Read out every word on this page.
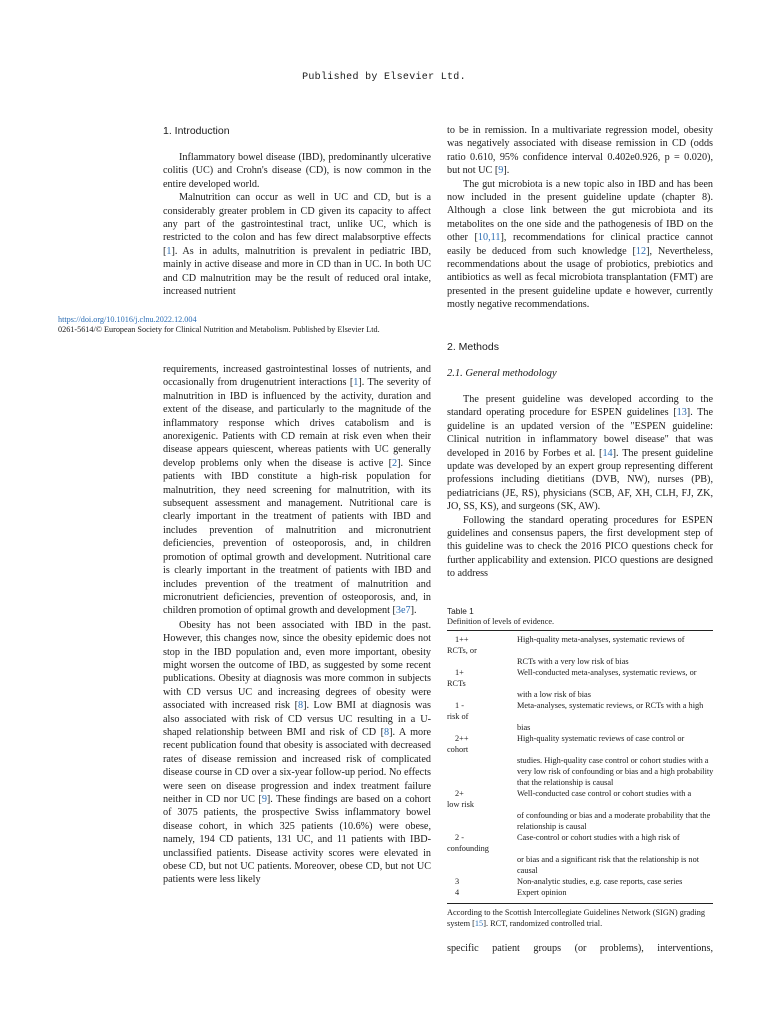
Published by Elsevier Ltd.
1. Introduction

Inflammatory bowel disease (IBD), predominantly ulcerative colitis (UC) and Crohn's disease (CD), is now common in the entire developed world.

Malnutrition can occur as well in UC and CD, but is a considerably greater problem in CD given its capacity to affect any part of the gastrointestinal tract, unlike UC, which is restricted to the colon and has few direct malabsorptive effects [1]. As in adults, malnutrition is prevalent in pediatric IBD, mainly in active disease and more in CD than in UC. In both UC and CD malnutrition may be the result of reduced oral intake, increased nutrient

https://doi.org/10.1016/j.clnu.2022.12.004
0261-5614/© European Society for Clinical Nutrition and Metabolism. Published by Elsevier Ltd.

requirements, increased gastrointestinal losses of nutrients, and occasionally from drugenutrient interactions [1]. The severity of malnutrition in IBD is influenced by the activity, duration and extent of the disease, and particularly to the magnitude of the inflammatory response which drives catabolism and is anorexigenic. Patients with CD remain at risk even when their disease appears quiescent, whereas patients with UC generally develop problems only when the disease is active [2]. Since patients with IBD constitute a high-risk population for malnutrition, they need screening for malnutrition, with its subsequent assessment and management. Nutritional care is clearly important in the treatment of patients with IBD and includes prevention of malnutrition and micronutrient deficiencies, prevention of osteoporosis, and, in children promotion of optimal growth and development. Nutritional care is clearly important in the treatment of patients with IBD and includes prevention of the treatment of malnutrition and micronutrient deficiencies, prevention of osteoporosis, and, in children promotion of optimal growth and development [3e7].

Obesity has not been associated with IBD in the past. However, this changes now, since the obesity epidemic does not stop in the IBD population and, even more important, obesity might worsen the outcome of IBD, as suggested by some recent publications. Obesity at diagnosis was more common in subjects with CD versus UC and increasing degrees of obesity were associated with increased risk [8]. Low BMI at diagnosis was also associated with risk of CD versus UC resulting in a U-shaped relationship between BMI and risk of CD [8]. A more recent publication found that obesity is associated with decreased rates of disease remission and increased risk of complicated disease course in CD over a six-year follow-up period. No effects were seen on disease progression and index treatment failure neither in CD nor UC [9]. These findings are based on a cohort of 3075 patients, the prospective Swiss inflammatory bowel disease cohort, in which 325 patients (10.6%) were obese, namely, 194 CD patients, 131 UC, and 11 patients with IBD-unclassified patients. Disease activity scores were elevated in obese CD, but not UC patients. Moreover, obese CD, but not UC patients were less likely

to be in remission. In a multivariate regression model, obesity was negatively associated with disease remission in CD (odds ratio 0.610, 95% confidence interval 0.402e0.926, p = 0.020), but not UC [9].

The gut microbiota is a new topic also in IBD and has been now included in the present guideline update (chapter 8). Although a close link between the gut microbiota and its metabolites on the one side and the pathogenesis of IBD on the other [10,11], recommendations for clinical practice cannot easily be deduced from such knowledge [12], Nevertheless, recommendations about the usage of probiotics, prebiotics and antibiotics as well as fecal microbiota transplantation (FMT) are presented in the present guideline update e however, currently mostly negative recommendations.

2. Methods
2.1. General methodology

The present guideline was developed according to the standard operating procedure for ESPEN guidelines [13]. The guideline is an updated version of the "ESPEN guideline: Clinical nutrition in inflammatory bowel disease" that was developed in 2016 by Forbes et al. [14]. The present guideline update was developed by an expert group representing different professions including dietitians (DVB, NW), nurses (PB), pediatricians (JE, RS), physicians (SCB, AF, XH, CLH, FJ, ZK, JO, SS, KS), and surgeons (SK, AW).

Following the standard operating procedures for ESPEN guidelines and consensus papers, the first development step of this guideline was to check the 2016 PICO questions check for further applicability and extension. PICO questions are designed to address

Table 1
Definition of levels of evidence.
1++	High-quality meta-analyses, systematic reviews of
RCTs, or
RCTs with a very low risk of bias
1+	Well-conducted meta-analyses, systematic reviews, or
RCTs
with a low risk of bias
1 -	Meta-analyses, systematic reviews, or RCTs with a high
risk of
bias
2++	High-quality systematic reviews of case control or
cohort
studies. High-quality case control or cohort studies with a very low risk of confounding or bias and a high probability that the relationship is causal
2+	Well-conducted case control or cohort studies with a
low risk
of confounding or bias and a moderate probability that the relationship is causal
2 -	Case-control or cohort studies with a high risk of
confounding
or bias and a significant risk that the relationship is not causal
3	Non-analytic studies, e.g. case reports, case series
4	Expert opinion
According to the Scottish Intercollegiate Guidelines Network (SIGN) grading system [15]. RCT, randomized controlled trial.
specific patient groups (or problems), interventions,
